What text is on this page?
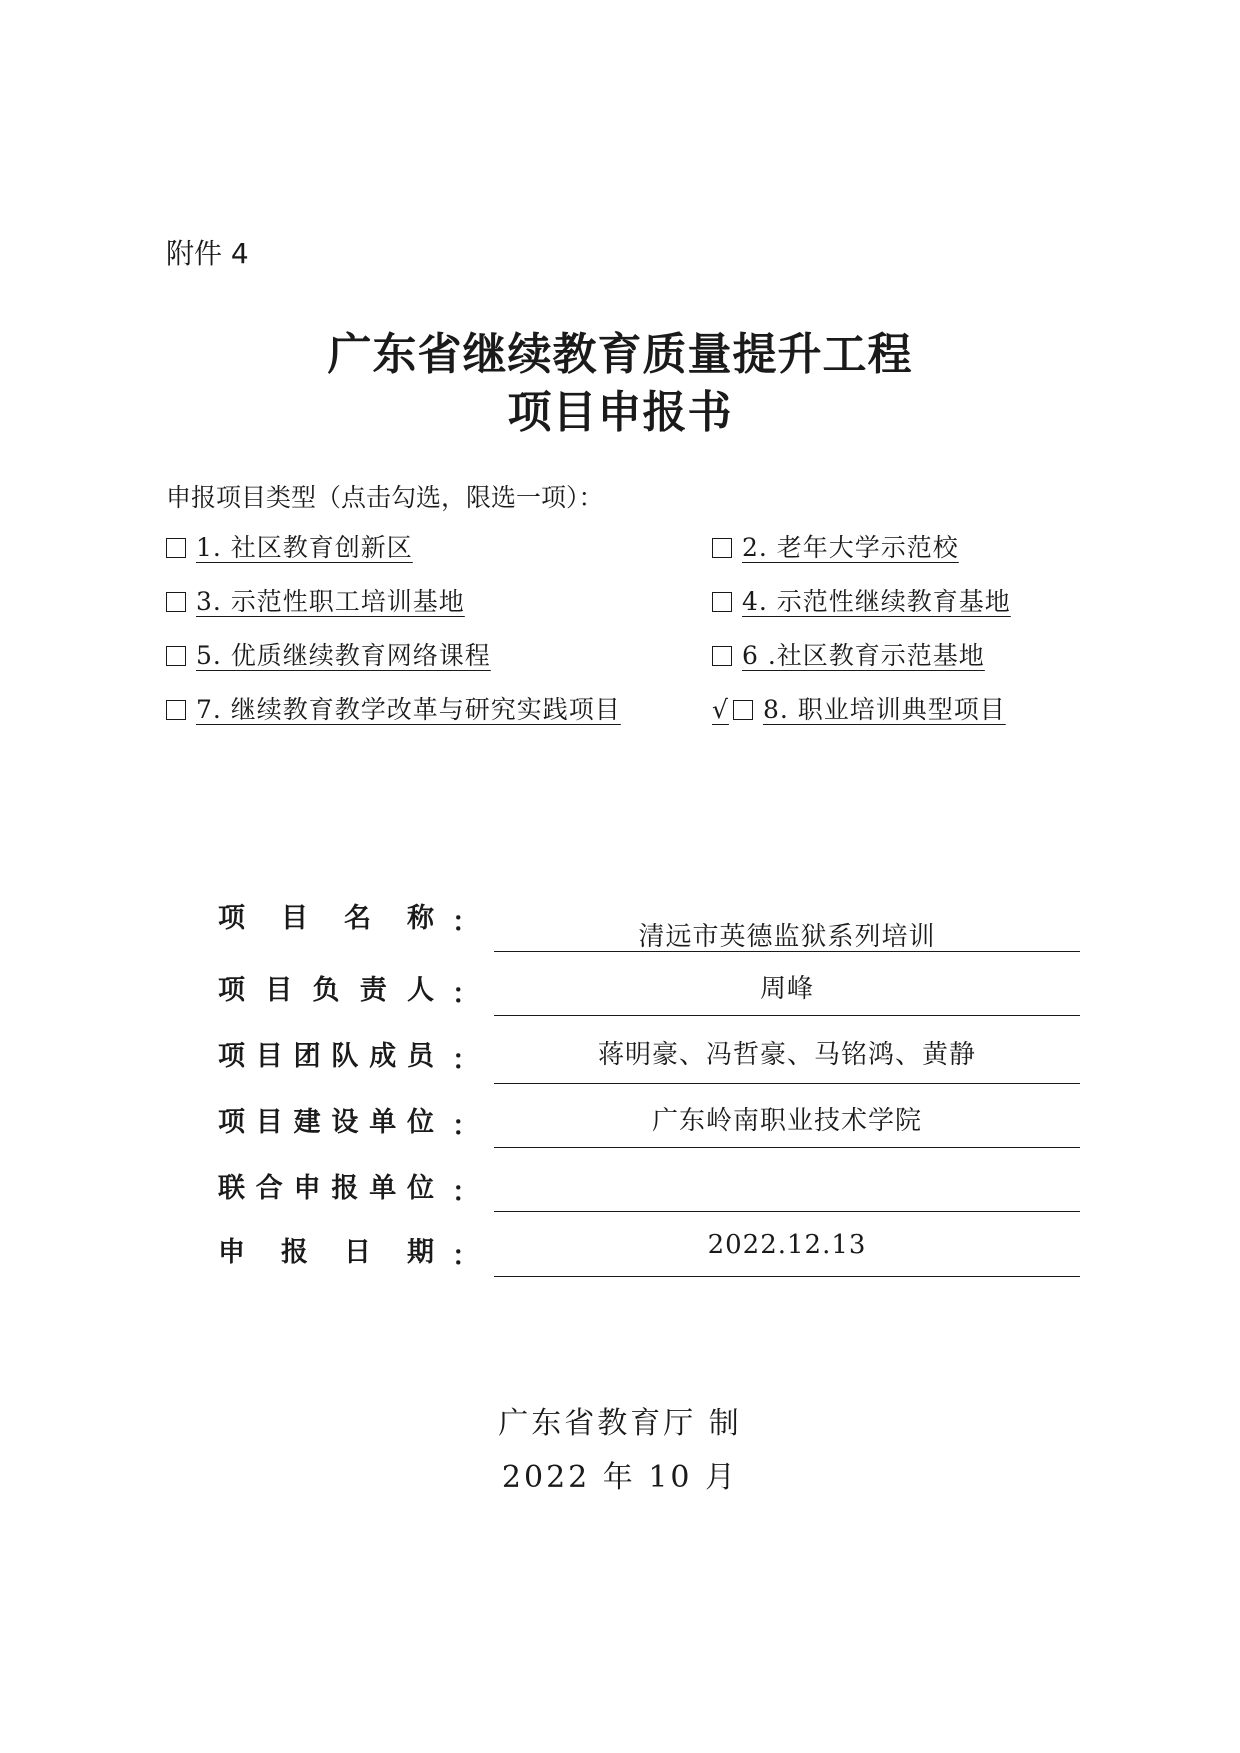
附件 4
广东省继续教育质量提升工程
项目申报书
申报项目类型（点击勾选，限选一项）：
1. 社区教育创新区	2. 老年大学示范校
3. 示范性职工培训基地	4. 示范性继续教育基地
5. 优质继续教育网络课程	6 .社区教育示范基地
7. 继续教育教学改革与研究实践项目	√ 8. 职业培训典型项目
项目名称 ：	清远市英德监狱系列培训
项目负责人 ：	周峰
项目团队成员 ：	蒋明豪、冯哲豪、马铭鸿、黄静
项目建设单位 ：	广东岭南职业技术学院
联合申报单位 ：
申报日期 ：	2022.12.13
广东省教育厅 制
2022 年 10 月
